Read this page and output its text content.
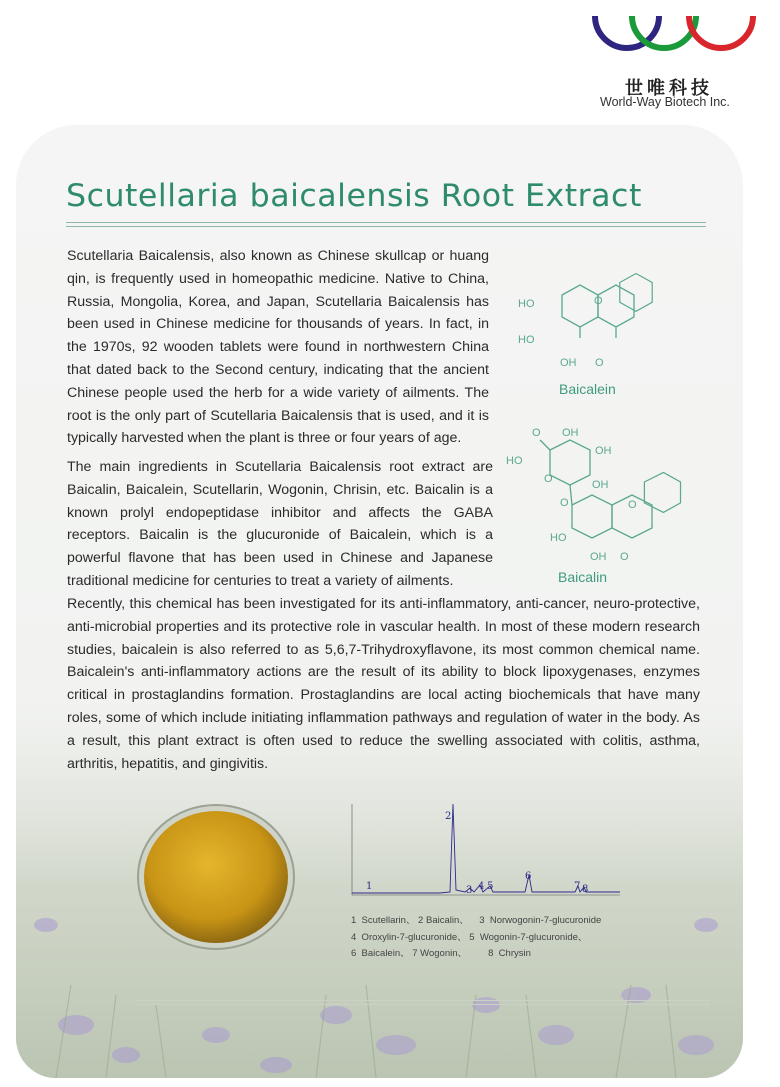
世唯科技
World-Way Biotech Inc.
Scutellaria baicalensis Root Extract

Scutellaria Baicalensis, also known as Chinese skullcap or huang qin, is frequently used in homeopathic medicine. Native to China, Russia, Mongolia, Korea, and Japan, Scutellaria Baicalensis has been used in Chinese medicine for thousands of years. In fact, in the 1970s, 92 wooden tablets were found in northwestern China that dated back to the Second century, indicating that the ancient Chinese people used the herb for a wide variety of ailments. The root is the only part of Scutellaria Baicalensis that is used, and it is typically harvested when the plant is three or four years of age.

The main ingredients in Scutellaria Baicalensis root extract are Baicalin, Baicalein, Scutellarin, Wogonin, Chrisin, etc. Baicalin is a known prolyl endopeptidase inhibitor and affects the GABA receptors. Baicalin is the glucuronide of Baicalein, which is a powerful flavone that has been used in Chinese and Japanese traditional medicine for centuries to treat a variety of ailments.

Recently, this chemical has been investigated for its anti-inflammatory, anti-cancer, neuro-protective, anti-microbial properties and its protective role in vascular health. In most of these modern research studies, baicalein is also referred to as 5,6,7-Trihydroxyflavone, its most common chemical name. Baicalein's anti-inflammatory actions are the result of its ability to block lipoxygenases, enzymes critical in prostaglandins formation. Prostaglandins are local acting biochemicals that have many roles, some of which include initiating inflammation pathways and regulation of water in the body. As a result, this plant extract is often used to reduce the swelling associated with colitis, asthma, arthritis, hepatitis, and gingivitis.

HO
HO
OH O
O
Baicalein
OH
HO
O
OH
OH
O
O
HO
OH
O
O
Baicalin
1
2
3 4 5
6
7 8
1  Scutellarin、 2 Baicalin、    3  Norwogonin-7-glucuronide
4  Oroxylin-7-glucuronide、 5  Wogonin-7-glucuronide、
6  Baicalein、 7 Wogonin、        8  Chrysin
